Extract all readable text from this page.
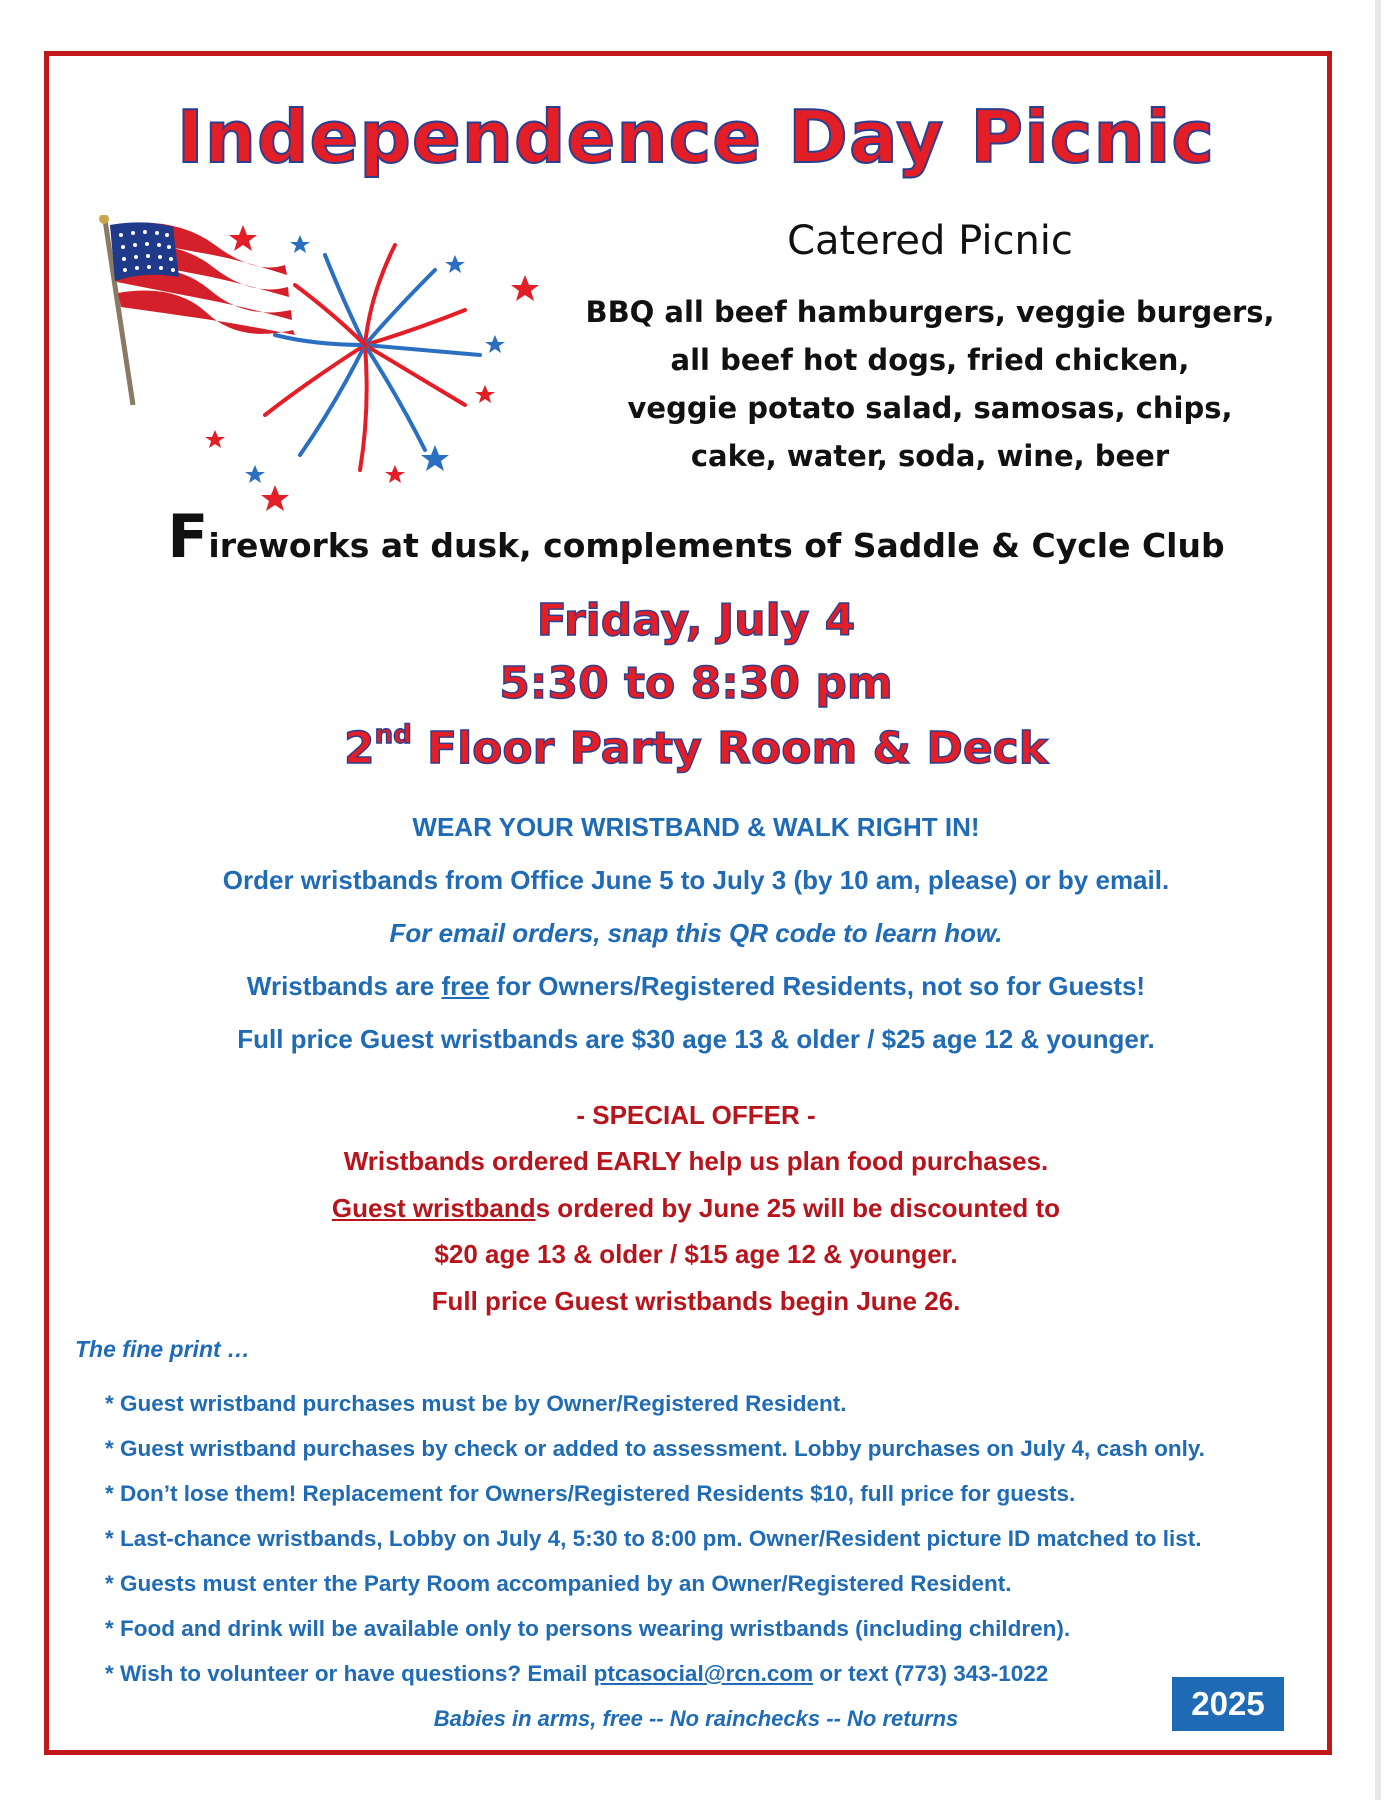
Independence Day Picnic
Catered Picnic
BBQ all beef hamburgers, veggie burgers,
all beef hot dogs, fried chicken,
veggie potato salad, samosas, chips,
cake, water, soda, wine, beer
Fireworks at dusk, complements of Saddle & Cycle Club
Friday, July 4
5:30 to 8:30 pm
2nd Floor Party Room & Deck
WEAR YOUR WRISTBAND & WALK RIGHT IN!
Order wristbands from Office June 5 to July 3 (by 10 am, please) or by email.
For email orders, snap this QR code to learn how.
Wristbands are free for Owners/Registered Residents, not so for Guests!
Full price Guest wristbands are $30 age 13 & older / $25 age 12 & younger.
- SPECIAL OFFER -
Wristbands ordered EARLY help us plan food purchases.
Guest wristbands ordered by June 25 will be discounted to
$20 age 13 & older / $15 age 12 & younger.
Full price Guest wristbands begin June 26.
The fine print …
* Guest wristband purchases must be by Owner/Registered Resident.
* Guest wristband purchases by check or added to assessment. Lobby purchases on July 4, cash only.
* Don’t lose them! Replacement for Owners/Registered Residents $10, full price for guests.
* Last-chance wristbands, Lobby on July 4, 5:30 to 8:00 pm. Owner/Resident picture ID matched to list.
* Guests must enter the Party Room accompanied by an Owner/Registered Resident.
* Food and drink will be available only to persons wearing wristbands (including children).
* Wish to volunteer or have questions? Email ptcasocial@rcn.com or text (773) 343-1022
Babies in arms, free -- No rainchecks -- No returns	2025
